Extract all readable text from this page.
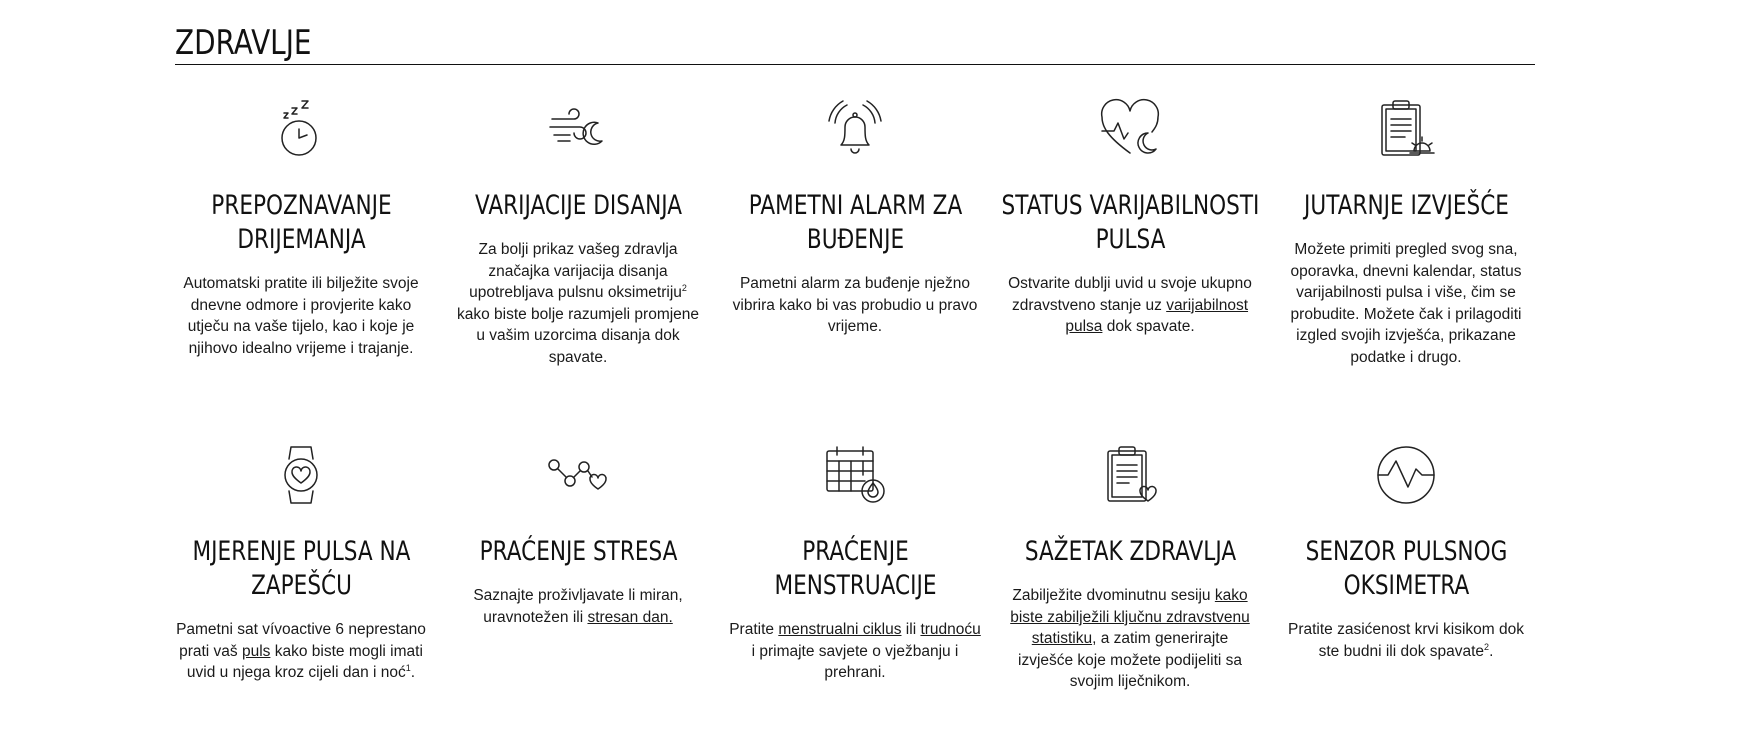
ZDRAVLJE
PREPOZNAVANJE DRIJEMANJA

Automatski pratite ili bilježite svoje dnevne odmore i provjerite kako utječu na vaše tijelo, kao i koje je njihovo idealno vrijeme i trajanje.

VARIJACIJE DISANJA

Za bolji prikaz vašeg zdravlja značajka varijacija disanja upotrebljava pulsnu oksimetriju$^2$ kako biste bolje razumjeli promjene u vašim uzorcima disanja dok spavate.

PAMETNI ALARM ZA BUĐENJE

Pametni alarm za buđenje nježno vibrira kako bi vas probudio u pravo vrijeme.

STATUS VARIJABILNOSTI PULSA

Ostvarite dublji uvid u svoje ukupno zdravstveno stanje uz varijabilnost pulsa dok spavate.

JUTARNJE IZVJEŠĆE

Možete primiti pregled svog sna, oporavka, dnevni kalendar, status varijabilnosti pulsa i više, čim se probudite. Možete čak i prilagoditi izgled svojih izvješća, prikazane podatke i drugo.

MJERENJE PULSA NA ZAPEŠĆU

Pametni sat vívoactive 6 neprestano prati vaš puls kako biste mogli imati uvid u njega kroz cijeli dan i noć$^1$.

PRAĆENJE STRESA

Saznajte proživljavate li miran, uravnotežen ili stresan dan.

PRAĆENJE MENSTRUACIJE

Pratite menstrualni ciklus ili trudnoću i primajte savjete o vježbanju i prehrani.

SAŽETAK ZDRAVLJA

Zabilježite dvominutnu sesiju kako biste zabilježili ključnu zdravstvenu statistiku, a zatim generirajte izvješće koje možete podijeliti sa svojim liječnikom.

SENZOR PULSNOG OKSIMETRA

Pratite zasićenost krvi kisikom dok ste budni ili dok spavate$^2$.
